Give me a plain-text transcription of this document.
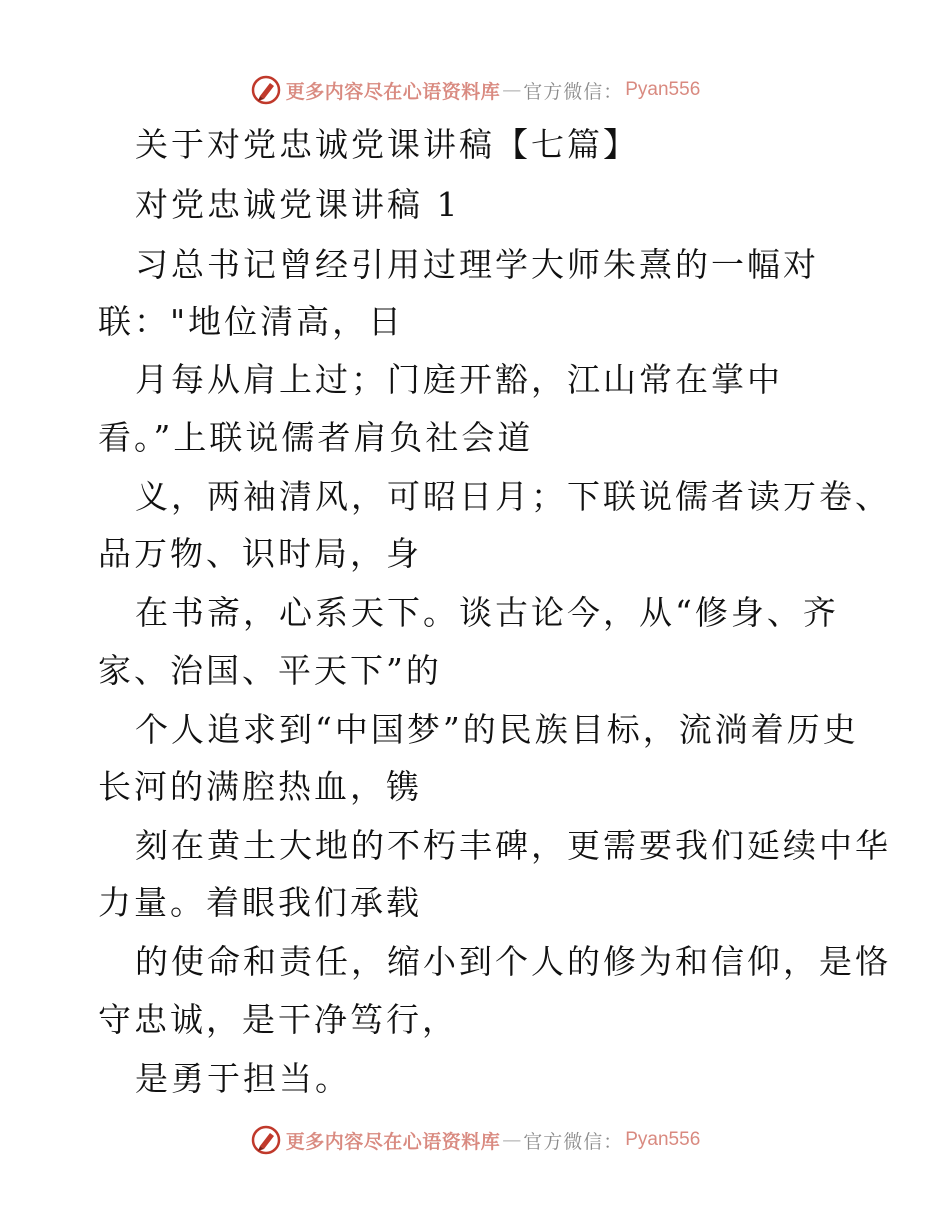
更多内容尽在心语资料库 — 官方微信： Pyan556
关于对党忠诚党课讲稿【七篇】
对党忠诚党课讲稿 1
习总书记曾经引用过理学大师朱熹的一幅对
联："地位清高，日
月每从肩上过；门庭开豁，江山常在掌中
看。”上联说儒者肩负社会道
义，两袖清风，可昭日月；下联说儒者读万卷、
品万物、识时局，身
在书斋，心系天下。谈古论今，从“修身、齐
家、治国、平天下”的
个人追求到“中国梦”的民族目标，流淌着历史
长河的满腔热血，镌
刻在黄土大地的不朽丰碑，更需要我们延续中华
力量。着眼我们承载
的使命和责任，缩小到个人的修为和信仰，是恪
守忠诚，是干净笃行，
是勇于担当。
更多内容尽在心语资料库 — 官方微信： Pyan556
